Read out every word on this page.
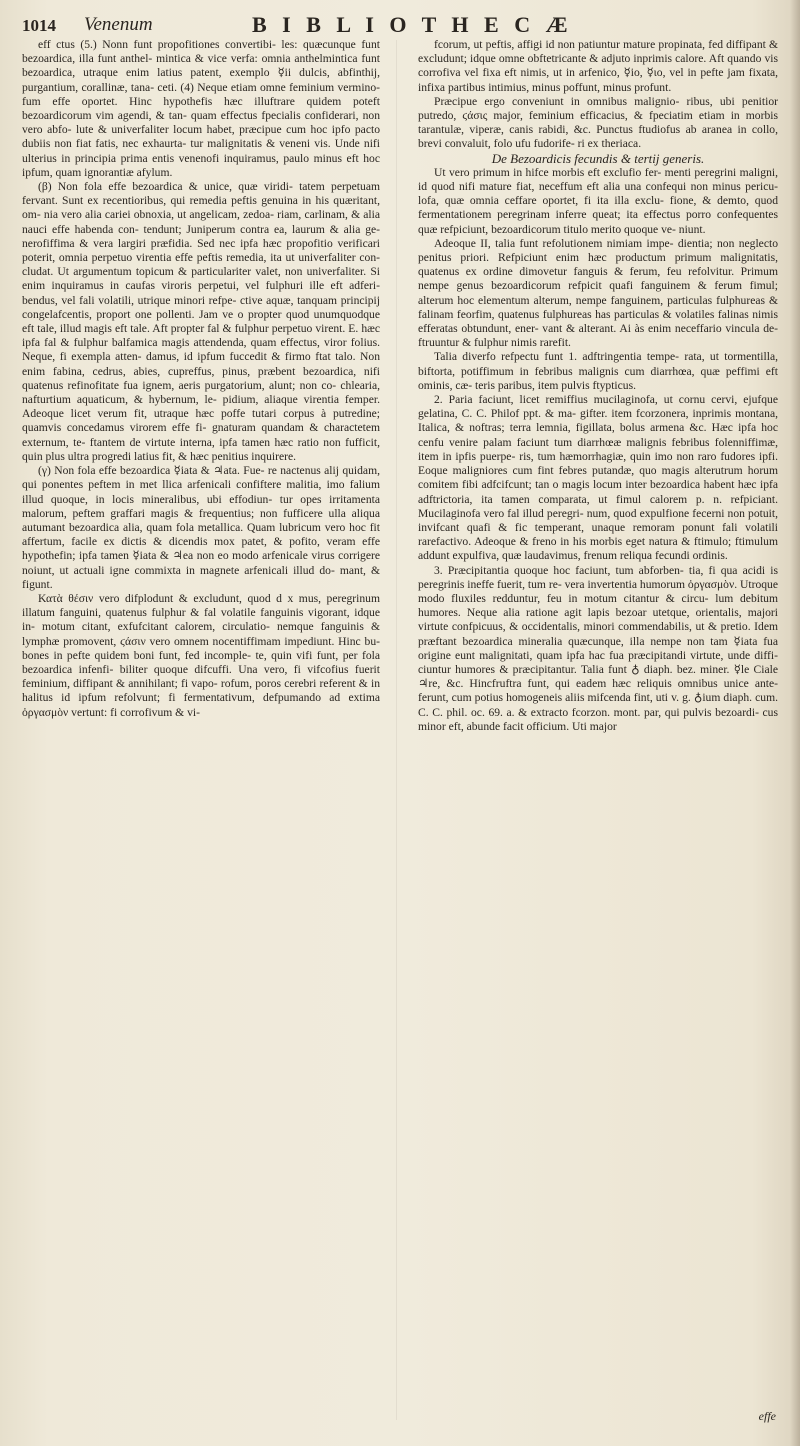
1014 Venenum	B I B L I O T H E C Æ

eff ctus (5.) Nonn funt propofitiones convertibi- les: quæcunque funt bezoardica, illa funt anthel- mintica & vice verfa: omnia anthelmintica funt bezoardica, utraque enim latius patent, exemplo ☿ii dulcis, abfinthij, purgantium, corallinæ, tana- ceti. (4) Neque etiam omne feminium vermino- fum effe oportet. Hinc hypothefis hæc illuftrare quidem poteft bezoardicorum vim agendi, & tan- quam effectus fpecialis confiderari, non vero abfo- lute & univerfaliter locum habet, præcipue cum hoc ipfo pacto dubiis non fiat fatis, nec exhaurta- tur malignitatis & veneni vis. Unde nifi ulterius in principia prima entis venenofi inquiramus, paulo minus eft hoc ipfum, quam ignorantiæ afylum.

(β) Non fola effe bezoardica & unice, quæ viridi- tatem perpetuam fervant. Sunt ex recentioribus, qui remedia peftis genuina in his quæritant, om- nia vero alia cariei obnoxia, ut angelicam, zedoa- riam, carlinam, & alia nauci effe habenda con- tendunt; Juniperum contra ea, laurum & alia ge- nerofiffima & vera largiri præfidia. Sed nec ipfa hæc propofitio verificari poterit, omnia perpetuo virentia effe peftis remedia, ita ut univerfaliter con- cludat. Ut argumentum topicum & particulariter valet, non univerfaliter. Si enim inquiramus in caufas viroris perpetui, vel fulphuri ille eft adferi- bendus, vel fali volatili, utrique minori refpe- ctive aquæ, tanquam principij congelafcentis, proport one pollenti. Jam ve o propter quod unumquodque eft tale, illud magis eft tale. Aft propter fal & fulphur perpetuo virent. E. hæc ipfa fal & fulphur balfamica magis attendenda, quam effectus, viror folius. Neque, fi exempla atten- damus, id ipfum fuccedit & firmo ftat talo. Non enim fabina, cedrus, abies, cupreffus, pinus, præbent bezoardica, nifi quatenus refinofitate fua ignem, aeris purgatorium, alunt; non co- chlearia, nafturtium aquaticum, & hybernum, le- pidium, aliaque virentia femper. Adeoque licet verum fit, utraque hæc poffe tutari corpus à putredine; quamvis concedamus virorem effe fi- gnaturam quandam & charactetem externum, te- ftantem de virtute interna, ipfa tamen hæc ratio non fufficit, quin plus ultra progredi latius fit, & hæc penitius inquirere.

(γ) Non fola effe bezoardica ☿iata & ♃ata. Fue- re nactenus alij quidam, qui ponentes peftem in met llica arfenicali confiftere malitia, imo falium illud quoque, in locis mineralibus, ubi effodiun- tur opes irritamenta malorum, peftem graffari magis & frequentius; non fufficere ulla aliqua autumant bezoardica alia, quam fola metallica. Quam lubricum vero hoc fit affertum, facile ex dictis & dicendis mox patet, & pofito, veram effe hypothefin; ipfa tamen ☿iata & ♃ea non eo modo arfenicale virus corrigere noiunt, ut actuali igne commixta in magnete arfenicali illud do- mant, & figunt.

Κατὰ θέσιν vero difplodunt & excludunt, quod d x mus, peregrinum illatum fanguini, quatenus fulphur & fal volatile fanguinis vigorant, idque in- motum citant, exfufcitant calorem, circulatio- nemque fanguinis & lymphæ promovent, ϛάσιν vero omnem nocentiffimam impediunt. Hinc bu- bones in pefte quidem boni funt, fed incomple- te, quin vifi funt, per fola bezoardica infenfi- biliter quoque difcuffi. Una vero, fi vifcofius fuerit feminium, diffipant & annihilant; fi vapo- rofum, poros cerebri referent & in halitus id ipfum refolvunt; fi fermentativum, defpumando ad extima ὀργασμὸν vertunt: fi corrofivum & vi-

fcorum, ut peftis, affigi id non patiuntur mature propinata, fed diffipant & excludunt; idque omne obftetricante & adjuto inprimis calore. Aft quando vis corrofiva vel fixa eft nimis, ut in arfenico, ☿io, ☿ιο, vel in pefte jam fixata, infixa partibus intimius, minus poffunt, minus profunt.

Præcipue ergo conveniunt in omnibus malignio- ribus, ubi penitior putredo, ϛάσις major, feminium efficacius, & fpeciatim etiam in morbis tarantulæ, viperæ, canis rabidi, &c. Punctus ftudiofus ab aranea in collo, brevi convaluit, folo ufu fudorife- ri ex theriaca.

De Bezoardicis fecundis & tertij generis.

Ut vero primum in hifce morbis eft exclufio fer- menti peregrini maligni, id quod nifi mature fiat, neceffum eft alia una confequi non minus pericu- lofa, quæ omnia ceffare oportet, fi ita illa exclu- fione, & demto, quod fermentationem peregrinam inferre queat; ita effectus porro confequentes quæ refpiciunt, bezoardicorum titulo merito quoque ve- niunt.

Adeoque II, talia funt refolutionem nimiam impe- dientia; non neglecto penitus priori. Refpiciunt enim hæc productum primum malignitatis, quatenus ex ordine dimovetur fanguis & ferum, feu refolvitur. Primum nempe genus bezoardicorum refpicit quafi fanguinem & ferum fimul; alterum hoc elementum alterum, nempe fanguinem, particulas fulphureas & falinam feorfim, quatenus fulphureas has particulas & volatiles falinas nimis efferatas obtundunt, ener- vant & alterant. Ai às enim neceffario vincula de- ftruuntur & fulphur nimis rarefit.

Talia diverfo refpectu funt 1. adftringentia tempe- rata, ut tormentilla, biftorta, potiffimum in febribus malignis cum diarrhœa, quæ peffimi eft ominis, cæ- teris paribus, item pulvis ftypticus.

2. Paria faciunt, licet remiffius mucilaginofa, ut cornu cervi, ejufque gelatina, C. C. Philof ppt. & ma- gifter. item fcorzonera, inprimis montana, Italica, & noftras; terra lemnia, figillata, bolus armena &c. Hæc ipfa hoc cenfu venire palam faciunt tum diarrhœæ malignis febribus folenniffimæ, item in ipfis puerpe- ris, tum hæmorrhagiæ, quin imo non raro fudores ipfi. Eoque maligniores cum fint febres putandæ, quo magis alterutrum horum comitem fibi adfcifcunt; tan o magis locum inter bezoardica habent hæc ipfa adftrictoria, ita tamen comparata, ut fimul calorem p. n. refpiciant. Mucilaginofa vero fal illud peregri- num, quod expulfione fecerni non potuit, invifcant quafi & fic temperant, unaque remoram ponunt fali volatili rarefactivo. Adeoque & freno in his morbis eget natura & ftimulo; ftimulum addunt expulfiva, quæ laudavimus, frenum reliqua fecundi ordinis.

3. Præcipitantia quoque hoc faciunt, tum abforben- tia, fi qua acidi is peregrinis ineffe fuerit, tum re- vera invertentia humorum ὀργασμὸν. Utroque modo fluxiles redduntur, feu in motum citantur & circu- lum debitum humores. Neque alia ratione agit lapis bezoar utetque, orientalis, majori virtute confpicuus, & occidentalis, minori commendabilis, ut & pretio. Idem præftant bezoardica mineralia quæcunque, illa nempe non tam ☿iata fua origine eunt malignitati, quam ipfa hac fua præcipitandi virtute, unde diffi- ciuntur humores & præcipitantur. Talia funt ♁ diaph. bez. miner. ☿le Ciale ♃re, &c. Hincfruftra funt, qui eadem hæc reliquis omnibus unice ante- ferunt, cum potius homogeneis aliis mifcenda fint, uti v. g. ♁ium diaph. cum. C. C. phil. oc. 69. a. & extracto fcorzon. mont. par, qui pulvis bezoardi- cus minor eft, abunde facit officium. Uti major

effe
